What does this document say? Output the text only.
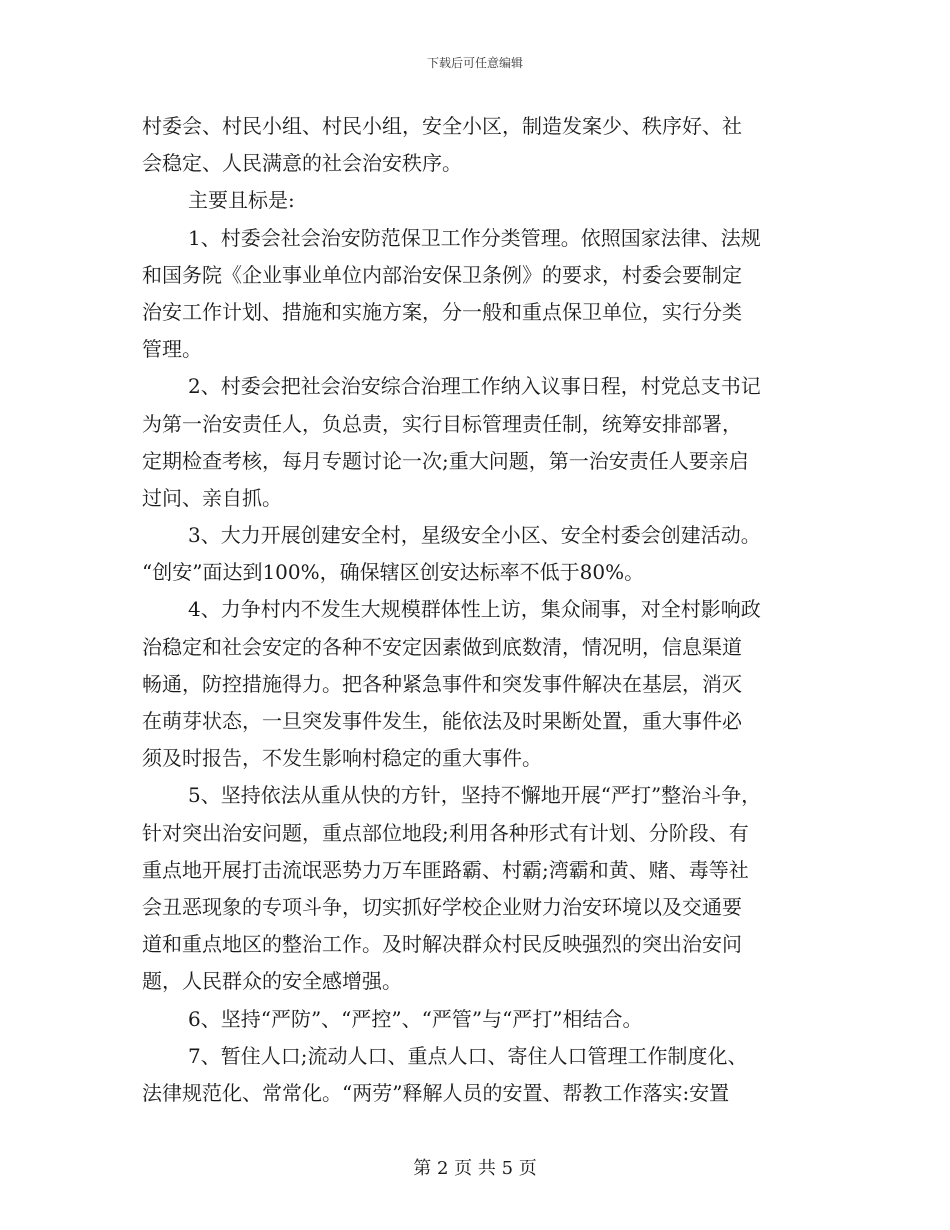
下载后可任意编辑
村委会、村民小组、村民小组，安全小区，制造发案少、秩序好、社
会稳定、人民满意的社会治安秩序。
主要且标是:
1、村委会社会治安防范保卫工作分类管理。依照国家法律、法规
和国务院《企业事业单位内部治安保卫条例》的要求，村委会要制定
治安工作计划、措施和实施方案，分一般和重点保卫单位，实行分类
管理。
2、村委会把社会治安综合治理工作纳入议事日程，村党总支书记
为第一治安责任人，负总责，实行目标管理责任制，统筹安排部署，
定期检查考核，每月专题讨论一次;重大问题，第一治安责任人要亲启
过问、亲自抓。
3、大力开展创建安全村，星级安全小区、安全村委会创建活动。
“创安”面达到100%，确保辖区创安达标率不低于80%。
4、力争村内不发生大规模群体性上访，集众闹事，对全村影响政
治稳定和社会安定的各种不安定因素做到底数清，情况明，信息渠道
畅通，防控措施得力。把各种紧急事件和突发事件解决在基层，消灭
在萌芽状态，一旦突发事件发生，能依法及时果断处置，重大事件必
须及时报告，不发生影响村稳定的重大事件。
5、坚持依法从重从快的方针，坚持不懈地开展“严打”整治斗争，
针对突出治安问题，重点部位地段;利用各种形式有计划、分阶段、有
重点地开展打击流氓恶势力万车匪路霸、村霸;湾霸和黄、赌、毒等社
会丑恶现象的专项斗争，切实抓好学校企业财力治安环境以及交通要
道和重点地区的整治工作。及时解决群众村民反映强烈的突出治安问
题，人民群众的安全感增强。
6、坚持“严防”、“严控”、“严管”与“严打”相结合。
7、暂住人口;流动人口、重点人口、寄住人口管理工作制度化、
法律规范化、常常化。“两劳”释解人员的安置、帮教工作落实:安置
第 2 页 共 5 页
